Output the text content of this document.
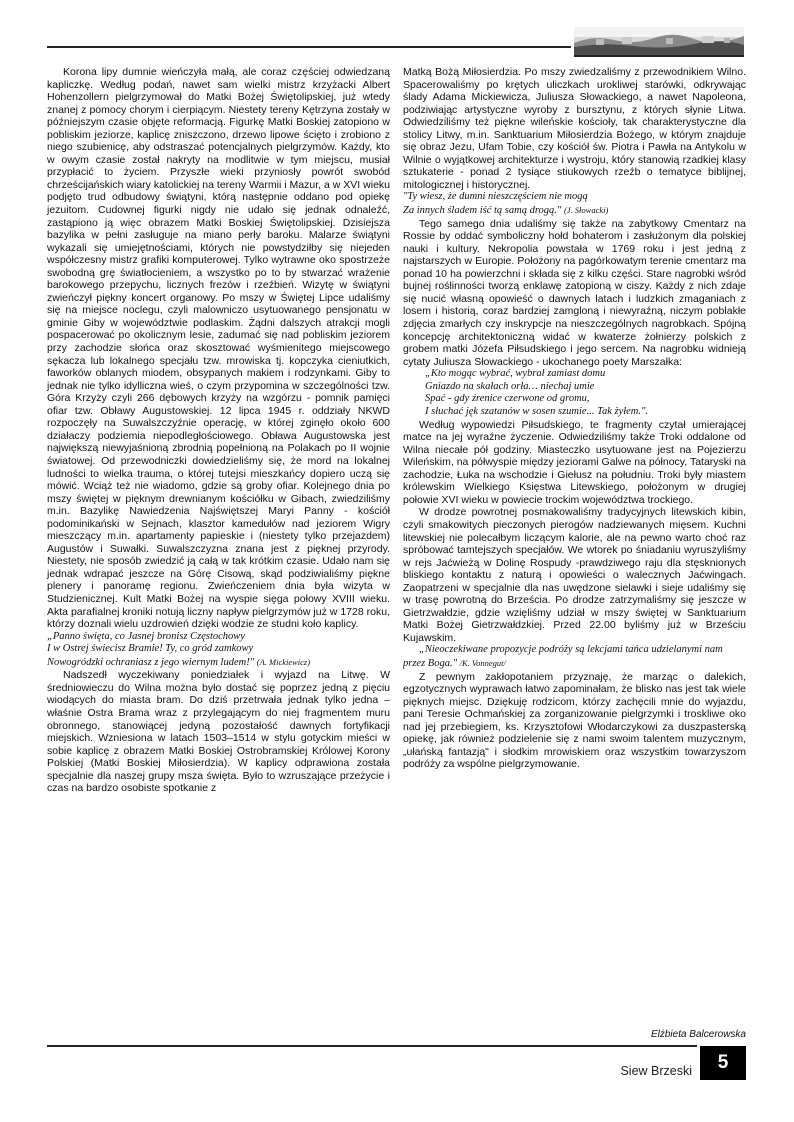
Korona lipy dumnie wieńczyła małą, ale coraz częściej odwiedzaną kapliczkę. Według podań, nawet sam wielki mistrz krzyżacki Albert Hohenzollern pielgrzymował do Matki Bożej Świętolipskiej, już wtedy znanej z pomocy chorym i cierpiącym. Niestety tereny Kętrzyna zostały w późniejszym czasie objęte reformacją. Figurkę Matki Boskiej zatopiono w pobliskim jeziorze, kaplicę zniszczono, drzewo lipowe ścięto i zrobiono z niego szubienicę, aby odstraszać potencjalnych pielgrzymów. Każdy, kto w owym czasie został nakryty na modlitwie w tym miejscu, musiał przypłacić to życiem. Przyszłe wieki przyniosły powrót swobód chrześcijańskich wiary katolickiej na tereny Warmii i Mazur, a w XVI wieku podjęto trud odbudowy świątyni, którą następnie oddano pod opiekę jezuitom. Cudownej figurki nigdy nie udało się jednak odnaleźć, zastąpiono ją więc obrazem Matki Boskiej Świętolipskiej. Dzisiejsza bazylika w pełni zasługuje na miano perły baroku. Malarze świątyni wykazali się umiejętnościami, których nie powstydziłby się niejeden współczesny mistrz grafiki komputerowej. Tylko wytrawne oko spostrzeże swobodną grę światłocieniem, a wszystko po to by stwarzać wrażenie barokowego przepychu, licznych frezów i rzeźbień. Wizytę w świątyni zwieńczył piękny koncert organowy. Po mszy w Świętej Lipce udaliśmy się na miejsce noclegu, czyli malowniczo usytuowanego pensjonatu w gminie Giby w województwie podlaskim. Żądni dalszych atrakcji mogli pospacerować po okolicznym lesie, zadumać się nad pobliskim jeziorem przy zachodzie słońca oraz skosztować wyśmienitego miejscowego sękacza lub lokalnego specjału tzw. mrowiska tj. kopczyka cieniutkich, faworków oblanych miodem, obsypanych makiem i rodzynkami. Giby to jednak nie tylko idylliczna wieś, o czym przypomina w szczególności tzw. Góra Krzyży czyli 266 dębowych krzyży na wzgórzu - pomnik pamięci ofiar tzw. Obławy Augustowskiej. 12 lipca 1945 r. oddziały NKWD rozpoczęły na Suwalszczyźnie operację, w której zginęło około 600 działaczy podziemia niepodległościowego. Obława Augustowska jest największą niewyjaśnioną zbrodnią popełnioną na Polakach po II wojnie światowej. Od przewodniczki dowiedzieliśmy się, że mord na lokalnej ludności to wielka trauma, o której tutejsi mieszkańcy dopiero uczą się mówić. Wciąż też nie wiadomo, gdzie są groby ofiar. Kolejnego dnia po mszy świętej w pięknym drewnianym kościółku w Gibach, zwiedziliśmy m.in. Bazylikę Nawiedzenia Najświętszej Maryi Panny - kościół podominikański w Sejnach, klasztor kamedułów nad jeziorem Wigry mieszczący m.in. apartamenty papieskie i (niestety tylko przejazdem) Augustów i Suwałki. Suwalszczyzna znana jest z pięknej przyrody. Niestety, nie sposób zwiedzić ją całą w tak krótkim czasie. Udało nam się jednak wdrapać jeszcze na Górę Cisową, skąd podziwialiśmy piękne plenery i panoramę regionu. Zwieńczeniem dnia była wizyta w Studzienicznej. Kult Matki Bożej na wyspie sięga połowy XVIII wieku. Akta parafialnej kroniki notują liczny napływ pielgrzymów już w 1728 roku, którzy doznali wielu uzdrowień dzięki wodzie ze studni koło kaplicy.

„Panno święta, co Jasnej bronisz Częstochowy
I w Ostrej świecisz Bramie! Ty, co gród zamkowy
Nowogródzki ochraniasz z jego wiernym ludem!" (A. Mickiewicz)

Nadszedł wyczekiwany poniedziałek i wyjazd na Litwę. W średniowieczu do Wilna można było dostać się poprzez jedną z pięciu wiodących do miasta bram. Do dziś przetrwała jednak tylko jedna – właśnie Ostra Brama wraz z przylegającym do niej fragmentem muru obronnego, stanowiącej jedyną pozostałość dawnych fortyfikacji miejskich. Wzniesiona w latach 1503–1514 w stylu gotyckim mieści w sobie kaplicę z obrazem Matki Boskiej Ostrobramskiej Królowej Korony Polskiej (Matki Boskiej Miłosierdzia). W kaplicy odprawiona została specjalnie dla naszej grupy msza święta. Było to wzruszające przeżycie i czas na bardzo osobiste spotkanie z

Matką Bożą Miłosierdzia. Po mszy zwiedzaliśmy z przewodnikiem Wilno. Spacerowaliśmy po krętych uliczkach urokliwej starówki, odkrywając ślady Adama Mickiewicza, Juliusza Słowackiego, a nawet Napoleona, podziwiając artystyczne wyroby z bursztynu, z których słynie Litwa. Odwiedziliśmy też piękne wileńskie kościoły, tak charakterystyczne dla stolicy Litwy, m.in. Sanktuarium Miłosierdzia Bożego, w którym znajduje się obraz Jezu, Ufam Tobie, czy kościół św. Piotra i Pawła na Antykolu w Wilnie o wyjątkowej architekturze i wystroju, który stanowią rzadkiej klasy sztukaterie - ponad 2 tysiące stiukowych rzeźb o tematyce biblijnej, mitologicznej i historycznej.

"Ty wiesz, że dumni nieszczęściem nie mogą
Za innych śladem iść tą samą drogą." (J. Słowacki)

Tego samego dnia udaliśmy się także na zabytkowy Cmentarz na Rossie by oddać symboliczny hołd bohaterom i zasłużonym dla polskiej nauki i kultury. Nekropolia powstała w 1769 roku i jest jedną z najstarszych w Europie. Położony na pagórkowatym terenie cmentarz ma ponad 10 ha powierzchni i składa się z kilku części. Stare nagrobki wśród bujnej roślinności tworzą enklawę zatopioną w ciszy. Każdy z nich zdaje się nucić własną opowieść o dawnych latach i ludzkich zmaganiach z losem i historią, coraz bardziej zamgloną i niewyraźną, niczym poblakłe zdjęcia zmarłych czy inskrypcje na nieszczególnych nagrobkach. Spójną koncepcję architektoniczną widać w kwaterze żołnierzy polskich z grobem matki Józefa Piłsudskiego i jego sercem. Na nagrobku widnieją cytaty Juliusza Słowackiego - ukochanego poety Marszałka:

„Kto mogąc wybrać, wybrał zamiast domu
Gniazdo na skałach orła… niechaj umie
Spać - gdy źrenice czerwone od gromu,
I słuchać jęk szatanów w sosen szumie... Tak żyłem.".

Według wypowiedzi Piłsudskiego, te fragmenty czytał umierającej matce na jej wyraźne życzenie. Odwiedziliśmy także Troki oddalone od Wilna niecałe pół godziny. Miasteczko usytuowane jest na Pojezierzu Wileńskim, na półwyspie między jeziorami Galwe na północy, Tataryski na zachodzie, Łuka na wschodzie i Giełusz na południu. Troki były miastem królewskim Wielkiego Księstwa Litewskiego, położonym w drugiej połowie XVI wieku w powiecie trockim województwa trockiego.

W drodze powrotnej posmakowaliśmy tradycyjnych litewskich kibin, czyli smakowitych pieczonych pierogów nadziewanych mięsem. Kuchni litewskiej nie polecałbym liczącym kalorie, ale na pewno warto choć raz spróbować tamtejszych specjałów. We wtorek po śniadaniu wyruszyliśmy w rejs Jaćwieżą w Dolinę Rospudy -prawdziwego raju dla stęsknionych bliskiego kontaktu z naturą i opowieści o walecznych Jaćwingach. Zaopatrzeni w specjalnie dla nas uwędzone sielawki i sieje udaliśmy się w trasę powrotną do Brześcia. Po drodze zatrzymaliśmy się jeszcze w Gietrzwałdzie, gdzie wzięliśmy udział w mszy świętej w Sanktuarium Matki Bożej Gietrzwałdzkiej. Przed 22.00 byliśmy już w Brześciu Kujawskim.

„Nieoczekiwane propozycje podróży są lekcjami tańca udzielanymi nam przez Boga." /K. Vonnegut/

Z pewnym zakłopotaniem przyznaję, że marząc o dalekich, egzotycznych wyprawach łatwo zapominałam, że blisko nas jest tak wiele pięknych miejsc. Dziękuję rodzicom, którzy zachęcili mnie do wyjazdu, pani Teresie Ochmańskiej za zorganizowanie pielgrzymki i troskliwe oko nad jej przebiegiem, ks. Krzysztofowi Włodarczykowi za duszpasterską opiekę, jak również podzielenie się z nami swoim talentem muzycznym, „ułańską fantazją" i słodkim mrowiskiem oraz wszystkim towarzyszom podróży za wspólne pielgrzymowanie.

Elżbieta Balcerowska
Siew Brzeski	5
